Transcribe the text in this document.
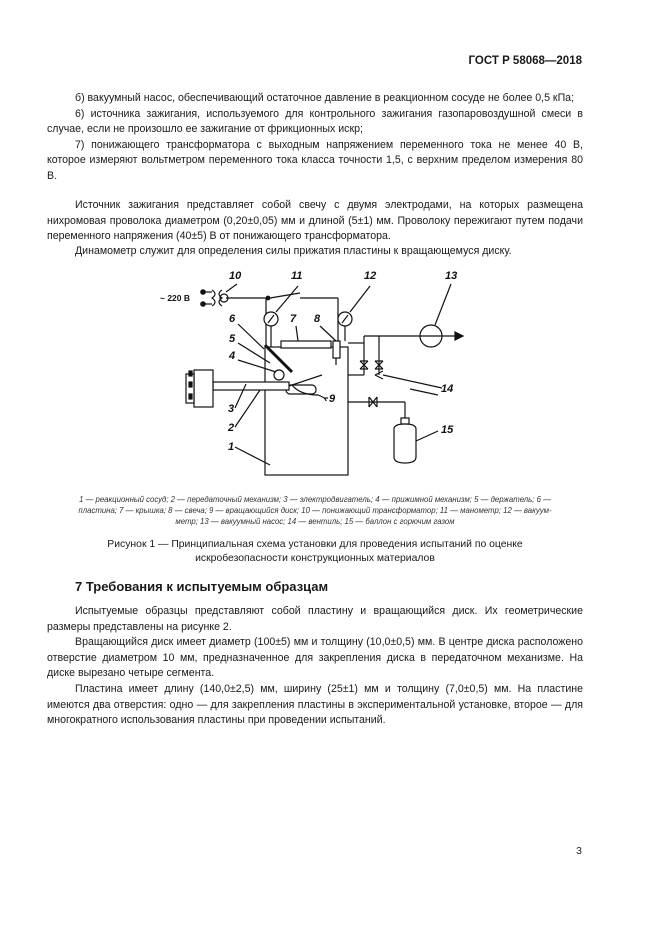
ГОСТ Р 58068—2018

б) вакуумный насос, обеспечивающий остаточное давление в реакционном сосуде не более 0,5 кПа;

6) источника зажигания, используемого для контрольного зажигания газопаровоздушной смеси в случае, если не произошло ее зажигание от фрикционных искр;

7) понижающего трансформатора с выходным напряжением переменного тока не менее 40 В, которое измеряют вольтметром переменного тока класса точности 1,5, с верхним пределом измерения 80 В.

Источник зажигания представляет собой свечу с двумя электродами, на которых размещена нихромовая проволока диаметром (0,20±0,05) мм и длиной (5±1) мм. Проволоку пережигают путем подачи переменного напряжения (40±5) В от понижающего трансформатора.

Динамометр служит для определения силы прижатия пластины к вращающемуся диску.

10	11	12	13
6	7 8
5
4
9
3
2
1
14
15
~ 220 В
1 — реакционный сосуд; 2 — передаточный механизм; 3 — электродвигатель; 4 — прижимной механизм; 5 — держатель; 6 —
пластина; 7 — крышка; 8 — свеча; 9 — вращающийся диск; 10 — понижающий трансформатор; 11 — манометр; 12 — вакуум-
метр; 13 — вакуумный насос; 14 — вентиль; 15 — баллон с горючим газом
Рисунок 1 — Принципиальная схема установки для проведения испытаний по оценке
искробезопасности конструкционных материалов
7 Требования к испытуемым образцам

Испытуемые образцы представляют собой пластину и вращающийся диск. Их геометрические размеры представлены на рисунке 2.

Вращающийся диск имеет диаметр (100±5) мм и толщину (10,0±0,5) мм. В центре диска расположено отверстие диаметром 10 мм, предназначенное для закрепления диска в передаточном механизме. На диске вырезано четыре сегмента.

Пластина имеет длину (140,0±2,5) мм, ширину (25±1) мм и толщину (7,0±0,5) мм. На пластине имеются два отверстия: одно — для закрепления пластины в экспериментальной установке, второе — для многократного использования пластины при проведении испытаний.

3
